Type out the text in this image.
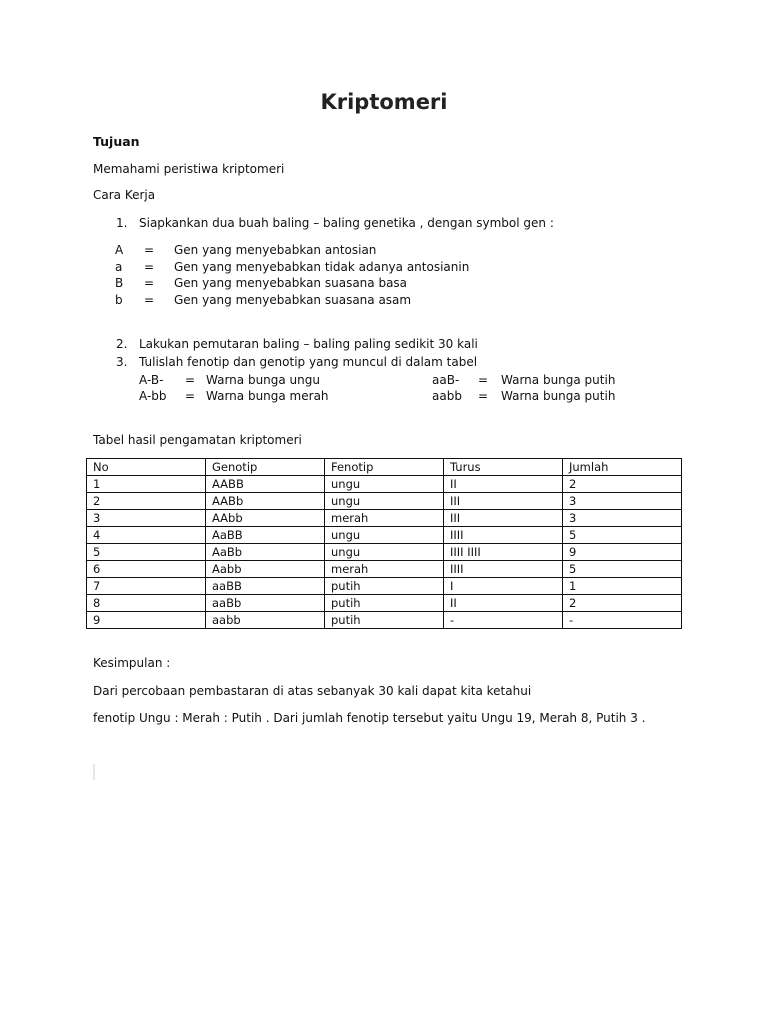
Kriptomeri
Tujuan
Memahami peristiwa kriptomeri
Cara Kerja
1. Siapkankan dua buah baling – baling genetika , dengan symbol gen :
A = Gen yang menyebabkan antosian
a = Gen yang menyebabkan tidak adanya antosianin
B = Gen yang menyebabkan suasana basa
b = Gen yang menyebabkan suasana asam
2. Lakukan pemutaran baling – baling paling sedikit 30 kali
3. Tulislah fenotip dan genotip yang muncul di dalam tabel
A-B- = Warna bunga ungu	aaB- = Warna bunga putih
A-bb = Warna bunga merah	aabb = Warna bunga putih
Tabel hasil pengamatan kriptomeri
No	Genotip	Fenotip	Turus	Jumlah
1	AABB	ungu	II	2
2	AABb	ungu	III	3
3	AAbb	merah	III	3
4	AaBB	ungu	IIII	5
5	AaBb	ungu	IIII IIII	9
6	Aabb	merah	IIII	5
7	aaBB	putih	I	1
8	aaBb	putih	II	2
9	aabb	putih	-	-
Kesimpulan :
Dari percobaan pembastaran di atas sebanyak 30 kali dapat kita ketahui
fenotip Ungu : Merah : Putih . Dari jumlah fenotip tersebut yaitu Ungu 19, Merah 8, Putih 3 .
